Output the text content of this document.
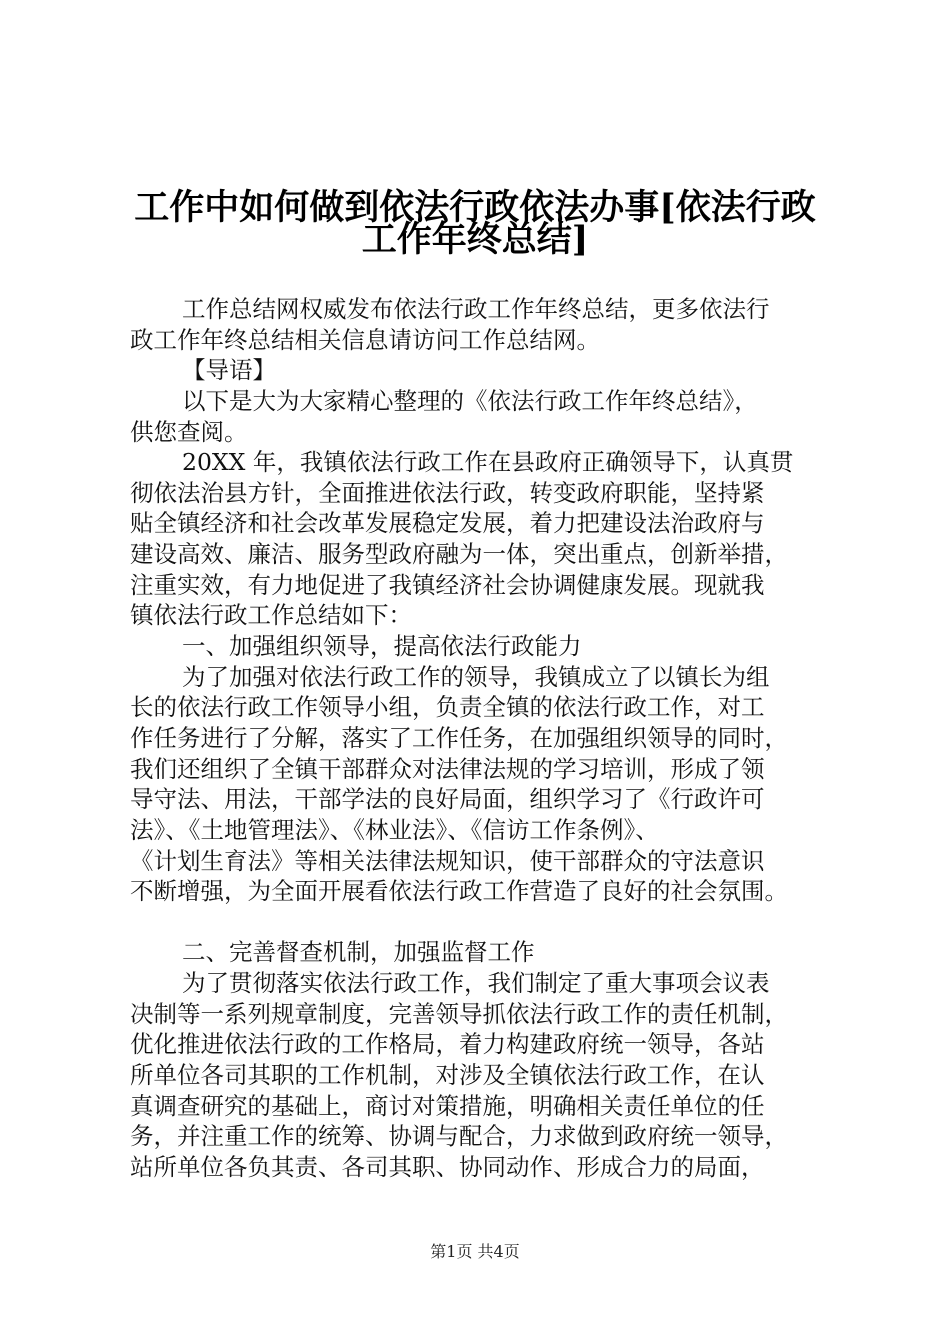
工作中如何做到依法行政依法办事[依法行政
工作年终总结]
工作总结网权威发布依法行政工作年终总结，更多依法行
政工作年终总结相关信息请访问工作总结网。
【导语】
以下是大为大家精心整理的《依法行政工作年终总结》，
供您查阅。
20XX 年，我镇依法行政工作在县政府正确领导下，认真贯
彻依法治县方针，全面推进依法行政，转变政府职能，坚持紧
贴全镇经济和社会改革发展稳定发展，着力把建设法治政府与
建设高效、廉洁、服务型政府融为一体，突出重点，创新举措，
注重实效，有力地促进了我镇经济社会协调健康发展。现就我
镇依法行政工作总结如下：
一、加强组织领导，提高依法行政能力
为了加强对依法行政工作的领导，我镇成立了以镇长为组
长的依法行政工作领导小组，负责全镇的依法行政工作，对工
作任务进行了分解，落实了工作任务，在加强组织领导的同时，
我们还组织了全镇干部群众对法律法规的学习培训，形成了领
导守法、用法，干部学法的良好局面，组织学习了《行政许可
法》、《土地管理法》、《林业法》、《信访工作条例》、
《计划生育法》等相关法律法规知识，使干部群众的守法意识
不断增强，为全面开展看依法行政工作营造了良好的社会氛围。
二、完善督查机制，加强监督工作
为了贯彻落实依法行政工作，我们制定了重大事项会议表
决制等一系列规章制度，完善领导抓依法行政工作的责任机制，
优化推进依法行政的工作格局，着力构建政府统一领导，各站
所单位各司其职的工作机制，对涉及全镇依法行政工作，在认
真调查研究的基础上，商讨对策措施，明确相关责任单位的任
务，并注重工作的统筹、协调与配合，力求做到政府统一领导，
站所单位各负其责、各司其职、协同动作、形成合力的局面，
第1页 共4页
